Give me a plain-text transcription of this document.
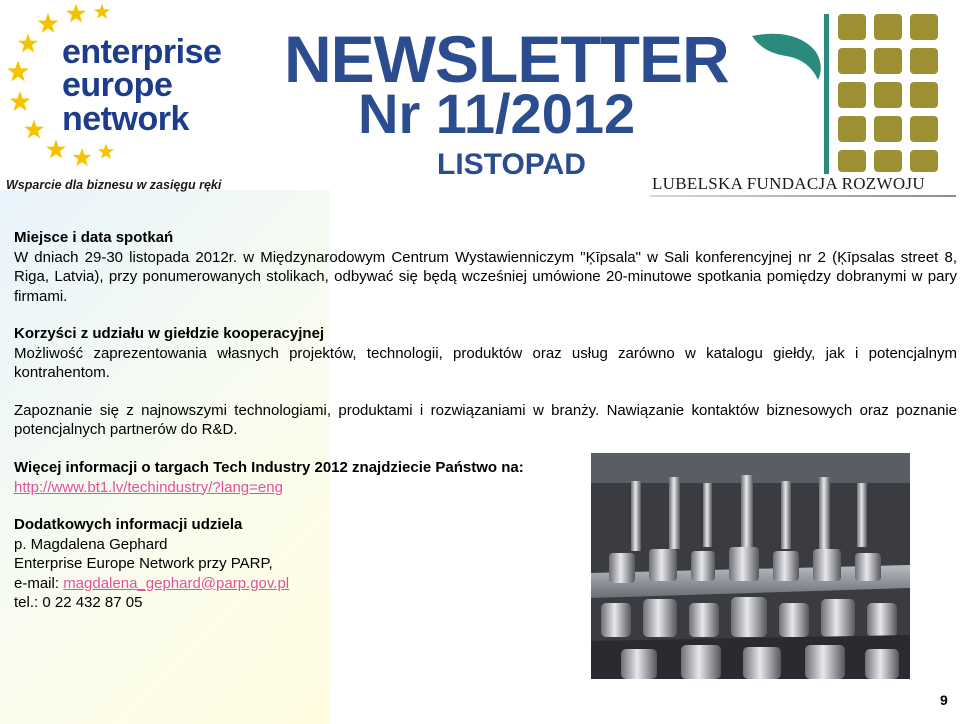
enterprise
europe
network
Wsparcie dla biznesu w zasięgu ręki
NEWSLETTER
Nr 11/2012
LISTOPAD
LUBELSKA FUNDACJA ROZWOJU

Miejsce i data spotkań

W dniach 29-30 listopada 2012r. w Międzynarodowym Centrum Wystawienniczym "Ķīpsala" w Sali konferencyjnej nr 2 (Ķīpsalas street 8, Riga, Latvia), przy ponumerowanych stolikach, odbywać się będą wcześniej umówione 20-minutowe spotkania pomiędzy dobranymi w pary firmami.

Korzyści z udziału w giełdzie kooperacyjnej

Możliwość zaprezentowania własnych projektów, technologii, produktów oraz usług zarówno w katalogu giełdy, jak i potencjalnym kontrahentom.

Zapoznanie się z najnowszymi technologiami, produktami i rozwiązaniami w branży. Nawiązanie kontaktów biznesowych oraz poznanie potencjalnych partnerów do R&D.

Więcej informacji o targach Tech Industry 2012 znajdziecie Państwo na:

http://www.bt1.lv/techindustry/?lang=eng

Dodatkowych informacji udziela

p. Magdalena Gephard

Enterprise Europe Network przy PARP,

e-mail: magdalena_gephard@parp.gov.pl

tel.: 0 22 432 87 05

9
